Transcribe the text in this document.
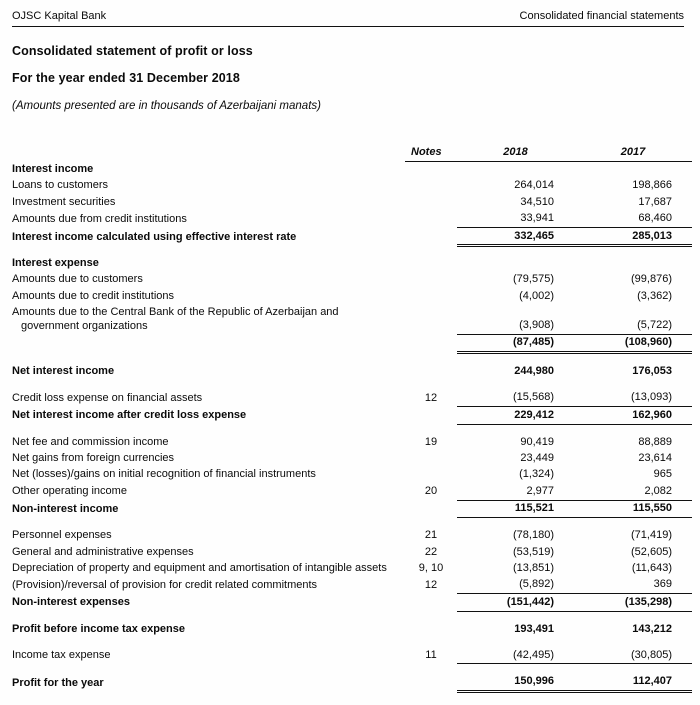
OJSC Kapital Bank	Consolidated financial statements
Consolidated statement of profit or loss
For the year ended 31 December 2018
(Amounts presented are in thousands of Azerbaijani manats)
	Notes	2018	2017
Interest income			
Loans to customers		264,014	198,866
Investment securities		34,510	17,687
Amounts due from credit institutions		33,941	68,460
Interest income calculated using effective interest rate		332,465	285,013
Interest expense			
Amounts due to customers		(79,575)	(99,876)
Amounts due to credit institutions		(4,002)	(3,362)
Amounts due to the Central Bank of the Republic of Azerbaijan and government organizations		(3,908)	(5,722)
		(87,485)	(108,960)
Net interest income		244,980	176,053
Credit loss expense on financial assets	12	(15,568)	(13,093)
Net interest income after credit loss expense		229,412	162,960
Net fee and commission income	19	90,419	88,889
Net gains from foreign currencies		23,449	23,614
Net (losses)/gains on initial recognition of financial instruments		(1,324)	965
Other operating income	20	2,977	2,082
Non-interest income		115,521	115,550
Personnel expenses	21	(78,180)	(71,419)
General and administrative expenses	22	(53,519)	(52,605)
Depreciation of property and equipment and amortisation of intangible assets	9, 10	(13,851)	(11,643)
(Provision)/reversal of provision for credit related commitments	12	(5,892)	369
Non-interest expenses		(151,442)	(135,298)
Profit before income tax expense		193,491	143,212
Income tax expense	11	(42,495)	(30,805)
Profit for the year		150,996	112,407
